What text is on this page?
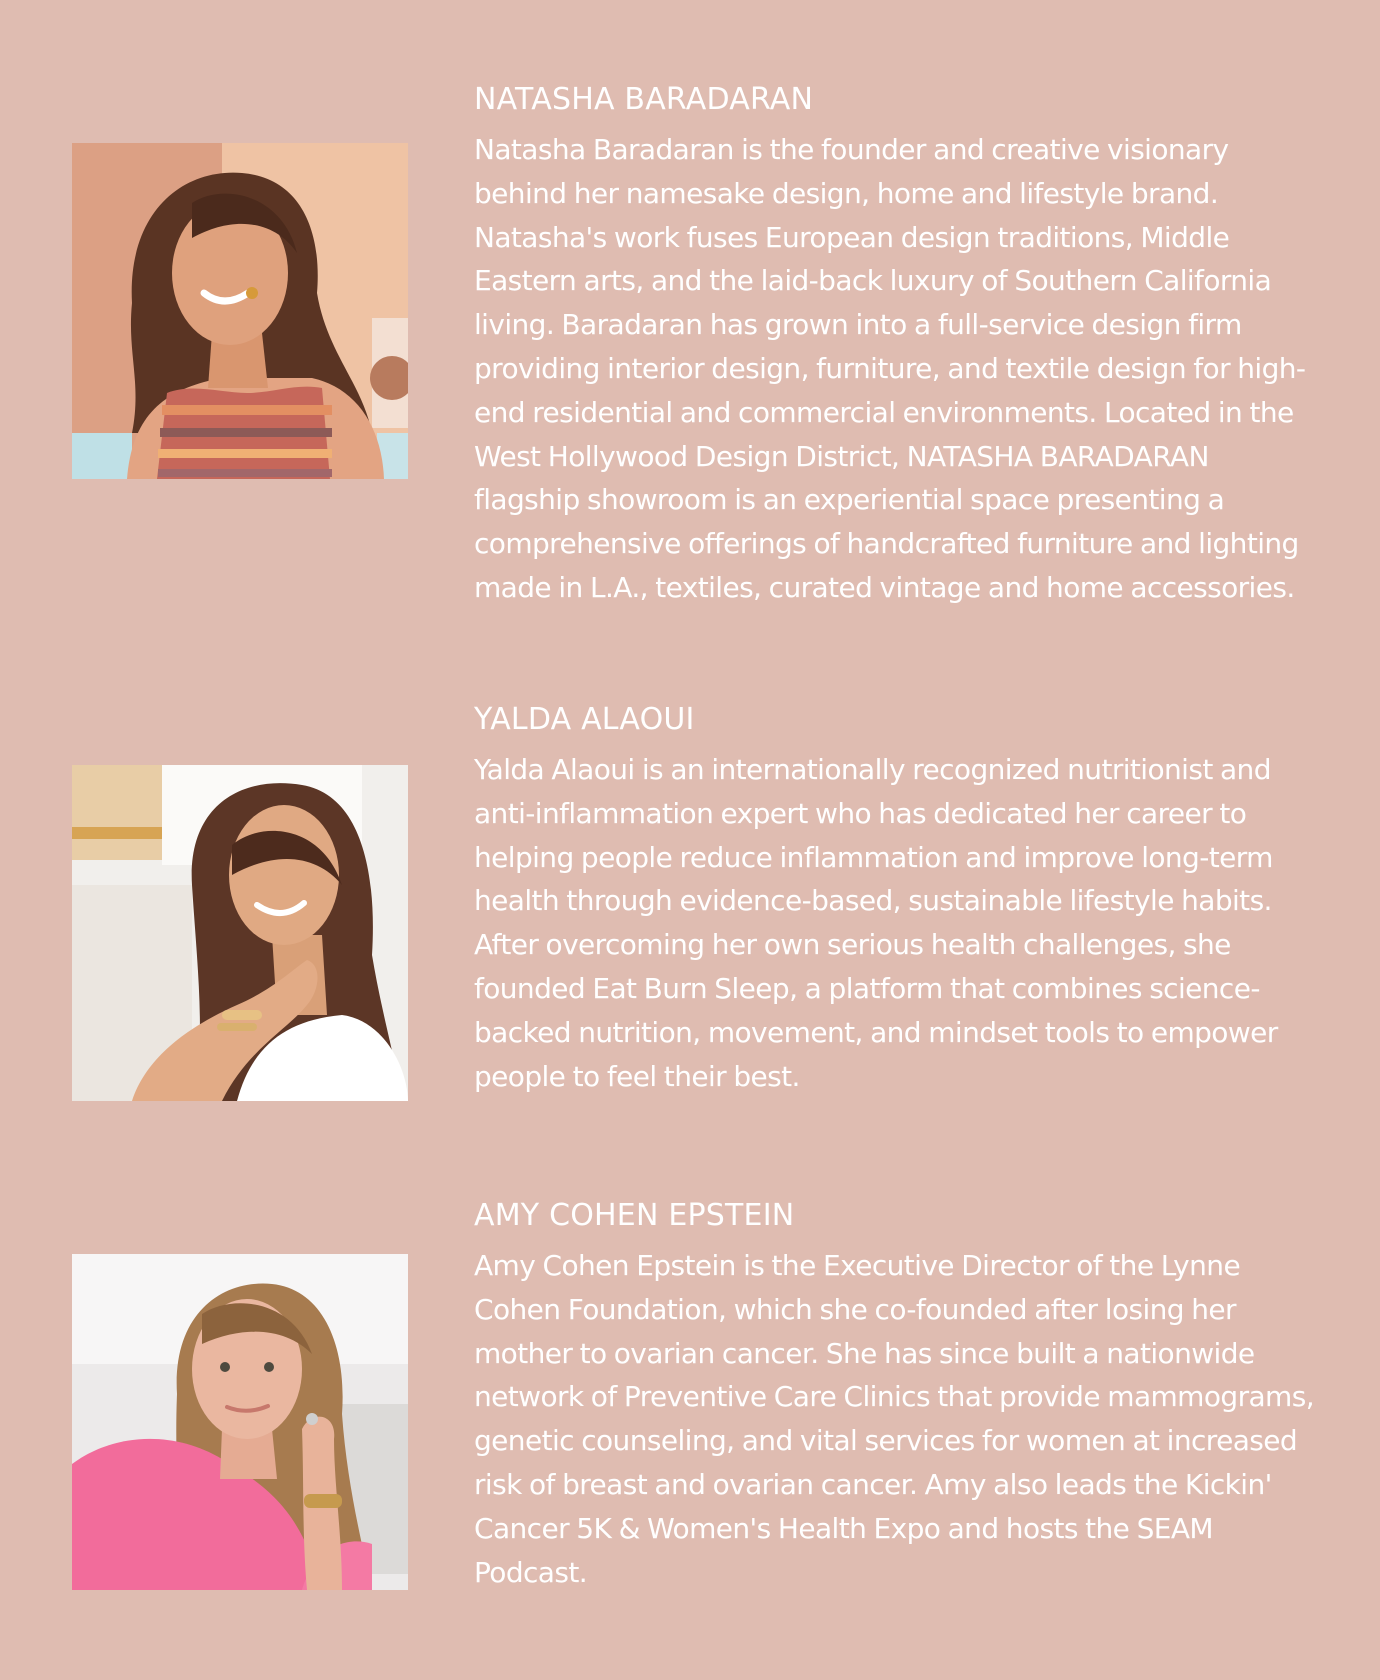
NATASHA BARADARAN

Natasha Baradaran is the founder and creative visionary behind her namesake design, home and lifestyle brand. Natasha's work fuses European design traditions, Middle Eastern arts, and the laid-back luxury of Southern California living. Baradaran has grown into a full-service design firm providing interior design, furniture, and textile design for high-end residential and commercial environments. Located in the West Hollywood Design District, NATASHA BARADARAN flagship showroom is an experiential space presenting a comprehensive offerings of handcrafted furniture and lighting made in L.A., textiles, curated vintage and home accessories.

YALDA ALAOUI

Yalda Alaoui is an internationally recognized nutritionist and anti-inflammation expert who has dedicated her career to helping people reduce inflammation and improve long-term health through evidence-based, sustainable lifestyle habits. After overcoming her own serious health challenges, she founded Eat Burn Sleep, a platform that combines science-backed nutrition, movement, and mindset tools to empower people to feel their best.

AMY COHEN EPSTEIN

Amy Cohen Epstein is the Executive Director of the Lynne Cohen Foundation, which she co-founded after losing her mother to ovarian cancer. She has since built a nationwide network of Preventive Care Clinics that provide mammograms, genetic counseling, and vital services for women at increased risk of breast and ovarian cancer. Amy also leads the Kickin' Cancer 5K & Women's Health Expo and hosts the SEAM Podcast.
